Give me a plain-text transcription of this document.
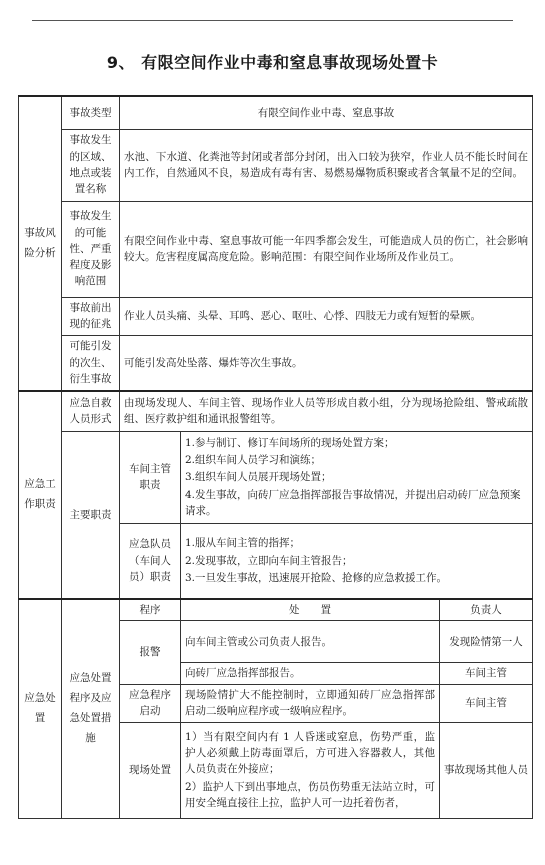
9、 有限空间作业中毒和窒息事故现场处置卡
事故风险分析	事故类型	有限空间作业中毒、窒息事故		
	事故发生的区域、地点或装置名称	水池、下水道、化粪池等封闭或者部分封闭，出入口较为狭窄，作业人员不能长时间在内工作，自然通风不良，易造成有毒有害、易燃易爆物质积聚或者含氧量不足的空间。		
	事故发生的可能性、严重程度及影响范围	有限空间作业中毒、窒息事故可能一年四季都会发生，可能造成人员的伤亡，社会影响较大。危害程度属高度危险。影响范围：有限空间作业场所及作业员工。		
	事故前出现的征兆	作业人员头痛、头晕、耳鸣、恶心、呕吐、心悸、四肢无力或有短暂的晕厥。		
	可能引发的次生、衍生事故	可能引发高处坠落、爆炸等次生事故。		
应急工作职责	应急自救人员形式	由现场发现人、车间主管、现场作业人员等形成自救小组，分为现场抢险组、警戒疏散组、医疗救护组和通讯报警组等。		
	主要职责	车间主管职责	1.参与制订、修订车间场所的现场处置方案；
2.组织车间人员学习和演练；
3.组织车间人员展开现场处置；
4.发生事故，向砖厂应急指挥部报告事故情况，并提出启动砖厂应急预案请求。	

		应急队员（车间人员）职责	1.服从车间主管的指挥；
2.发现事故，立即向车间主管报告；
3.一旦发生事故，迅速展开抢险、抢修的应急救援工作。	

应急处置	应急处置程序及应急处置措施	程序	处　　置	负责人
		报警	向车间主管或公司负责人报告。	发现险情第一人
			向砖厂应急指挥部报告。	车间主管
		应急程序启动	现场险情扩大不能控制时，立即通知砖厂应急指挥部启动二级响应程序或一级响应程序。	车间主管
		现场处置	1）当有限空间内有 1 人昏迷或窒息，伤势严重，监护人必须戴上防毒面罩后，方可进入容器救人，其他人员负责在外接应；
2）监护人下到出事地点，伤员伤势重无法站立时，可用安全绳直接往上拉，监护人可一边托着伤者，	事故现场其他人员
